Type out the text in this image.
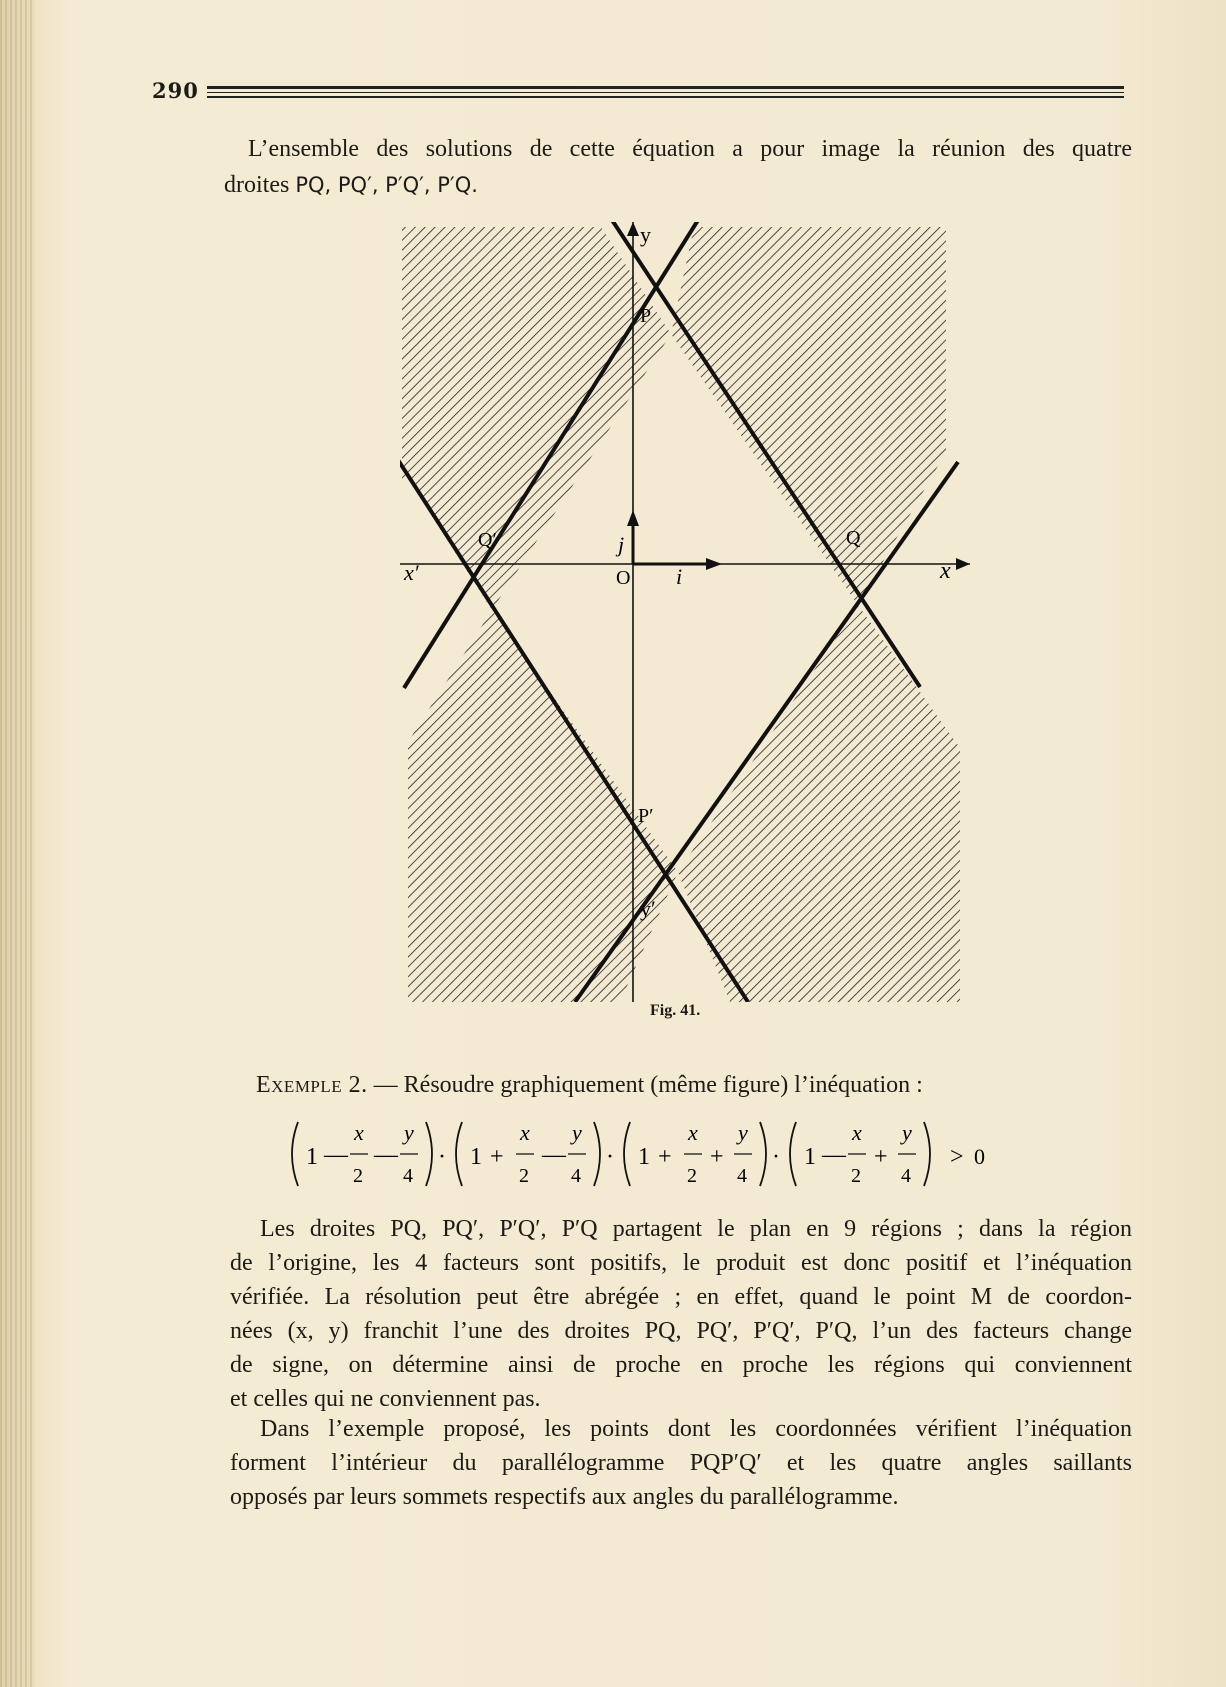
290
L’ensemble des solutions de cette équation a pour image la réunion des quatre
droites PQ, PQ′, P′Q′, P′Q.
y
y′
x
x′	O
j⃗
i⃗
P
P′
Q
Q′
Fig. 41.
Exemple 2. — Résoudre graphiquement (même figure) l’inéquation :
1 —
x
2
—
y
4
· 1 +
x
2
—
y
4
· 1 +
x
2
+
y
4
· 1 —
x
2
+
y
4
> 0
Les droites PQ, PQ′, P′Q′, P′Q partagent le plan en 9 régions ; dans la région
de l’origine, les 4 facteurs sont positifs, le produit est donc positif et l’inéquation
vérifiée. La résolution peut être abrégée ; en effet, quand le point M de coordon-
nées (x, y) franchit l’une des droites PQ, PQ′, P′Q′, P′Q, l’un des facteurs change
de signe, on détermine ainsi de proche en proche les régions qui conviennent
et celles qui ne conviennent pas.
Dans l’exemple proposé, les points dont les coordonnées vérifient l’inéquation
forment l’intérieur du parallélogramme PQP′Q′ et les quatre angles saillants
opposés par leurs sommets respectifs aux angles du parallélogramme.
